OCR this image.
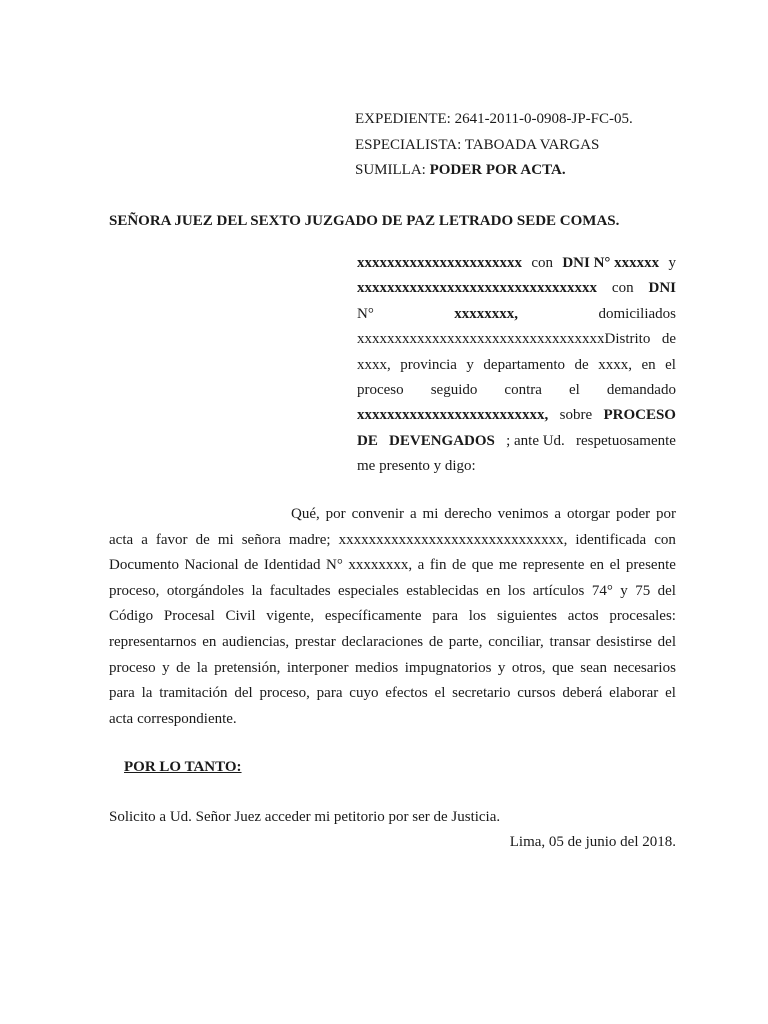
EXPEDIENTE: 2641-2011-0-0908-JP-FC-05.
ESPECIALISTA: TABOADA VARGAS
SUMILLA: PODER POR ACTA.
SEÑORA JUEZ DEL SEXTO JUZGADO DE PAZ LETRADO SEDE COMAS.
xxxxxxxxxxxxxxxxxxxxxx con DNI N° xxxxxx y
xxxxxxxxxxxxxxxxxxxxxxxxxxxxxxxx con DNI
N°	xxxxxxxx,	domiciliados
xxxxxxxxxxxxxxxxxxxxxxxxxxxxxxxxxDistrito de
xxxx, provincia y departamento de xxxx, en el
proceso seguido contra el demandado
xxxxxxxxxxxxxxxxxxxxxxxxx, sobre PROCESO
DE DEVENGADOS ; ante Ud. respetuosamente
me presento y digo:
Qué, por convenir a mi derecho venimos a otorgar poder por
acta a favor de mi señora madre; xxxxxxxxxxxxxxxxxxxxxxxxxxxxxx, identificada con
Documento Nacional de Identidad N° xxxxxxxx, a fin de que me represente en el presente
proceso, otorgándoles la facultades especiales establecidas en los artículos 74° y 75 del
Código Procesal Civil vigente, específicamente para los siguientes actos procesales:
representarnos en audiencias, prestar declaraciones de parte, conciliar, transar desistirse del
proceso y de la pretensión, interponer medios impugnatorios y otros, que sean necesarios
para la tramitación del proceso, para cuyo efectos el secretario cursos deberá elaborar el
acta correspondiente.
POR LO TANTO:
Solicito a Ud. Señor Juez acceder mi petitorio por ser de Justicia.
Lima, 05 de junio del 2018.
